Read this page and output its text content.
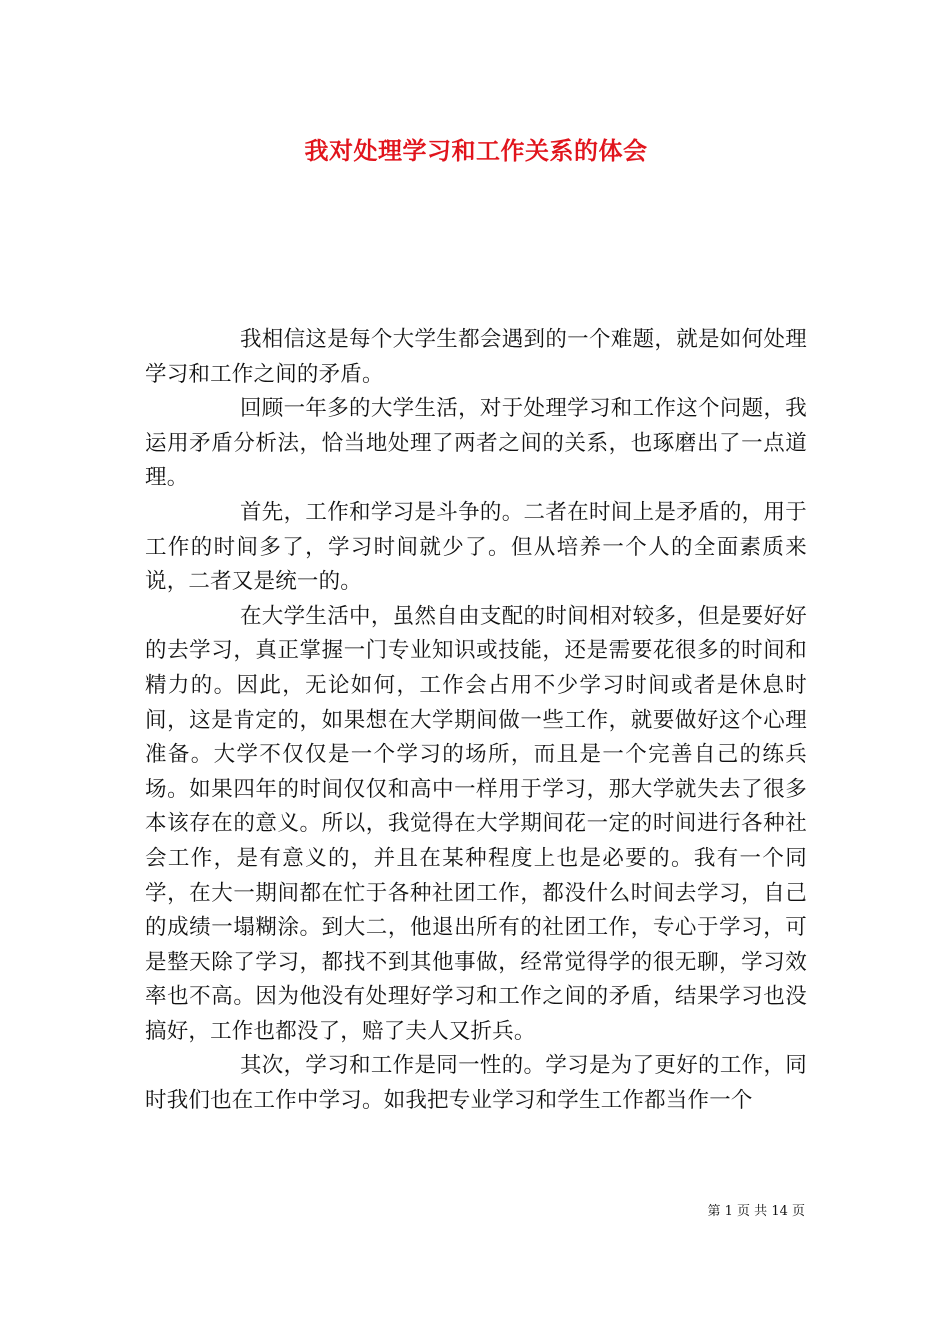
我对处理学习和工作关系的体会

我相信这是每个大学生都会遇到的一个难题，就是如何处理学习和工作之间的矛盾。

回顾一年多的大学生活，对于处理学习和工作这个问题，我运用矛盾分析法，恰当地处理了两者之间的关系，也琢磨出了一点道理。

首先，工作和学习是斗争的。二者在时间上是矛盾的，用于工作的时间多了，学习时间就少了。但从培养一个人的全面素质来说，二者又是统一的。

在大学生活中，虽然自由支配的时间相对较多，但是要好好的去学习，真正掌握一门专业知识或技能，还是需要花很多的时间和精力的。因此，无论如何，工作会占用不少学习时间或者是休息时间，这是肯定的，如果想在大学期间做一些工作，就要做好这个心理准备。大学不仅仅是一个学习的场所，而且是一个完善自己的练兵场。如果四年的时间仅仅和高中一样用于学习，那大学就失去了很多本该存在的意义。所以，我觉得在大学期间花一定的时间进行各种社会工作，是有意义的，并且在某种程度上也是必要的。我有一个同学，在大一期间都在忙于各种社团工作，都没什么时间去学习，自己的成绩一塌糊涂。到大二，他退出所有的社团工作，专心于学习，可是整天除了学习，都找不到其他事做，经常觉得学的很无聊，学习效率也不高。因为他没有处理好学习和工作之间的矛盾，结果学习也没搞好，工作也都没了，赔了夫人又折兵。

其次，学习和工作是同一性的。学习是为了更好的工作，同时我们也在工作中学习。如我把专业学习和学生工作都当作一个

第 1 页 共 14 页
